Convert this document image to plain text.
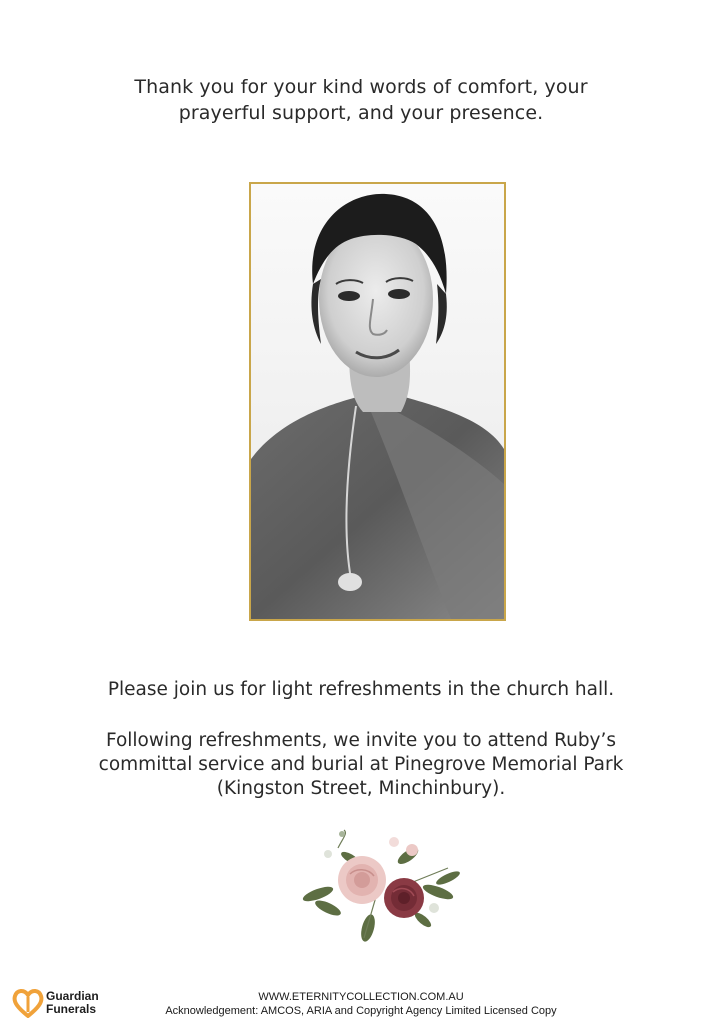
Thank you for your kind words of comfort, your
prayerful support, and your presence.
Please join us for light refreshments in the church hall.
Following refreshments, we invite you to attend Ruby’s
committal service and burial at Pinegrove Memorial Park
(Kingston Street, Minchinbury).
Guardian
Funerals
WWW.ETERNITYCOLLECTION.COM.AU
Acknowledgement: AMCOS, ARIA and Copyright Agency Limited Licensed Copy
